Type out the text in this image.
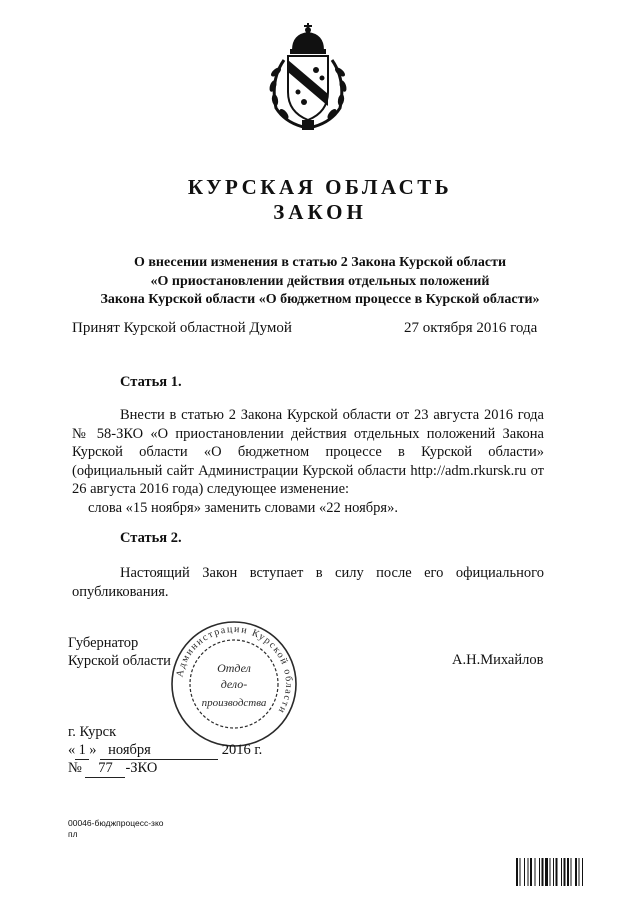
КУРСКАЯ ОБЛАСТЬ
ЗАКОН
О внесении изменения в статью 2 Закона Курской области
«О приостановлении действия отдельных положений
Закона Курской области «О бюджетном процессе в Курской области»
Принят Курской областной Думой	27 октября 2016 года
Статья 1.

Внести в статью 2 Закона Курской области от 23 августа 2016 года № 58-ЗКО «О приостановлении действия отдельных положений Закона Курской области «О бюджетном процессе в Курской области» (официальный сайт Администрации Курской области http://adm.rkursk.ru от 26 августа 2016 года) следующее изменение:

слова «15 ноября» заменить словами «22 ноября».

Статья 2.

Настоящий Закон вступает в силу после его официального опубликования.

Губернатор
Курской области	А.Н.Михайлов
Администрации Курской области
Отдел
дело-
производства
г. Курск
« 1 » ноября	2016 г.
№ 77 -ЗКО
00046-бюджпроцесс-зко
пл
